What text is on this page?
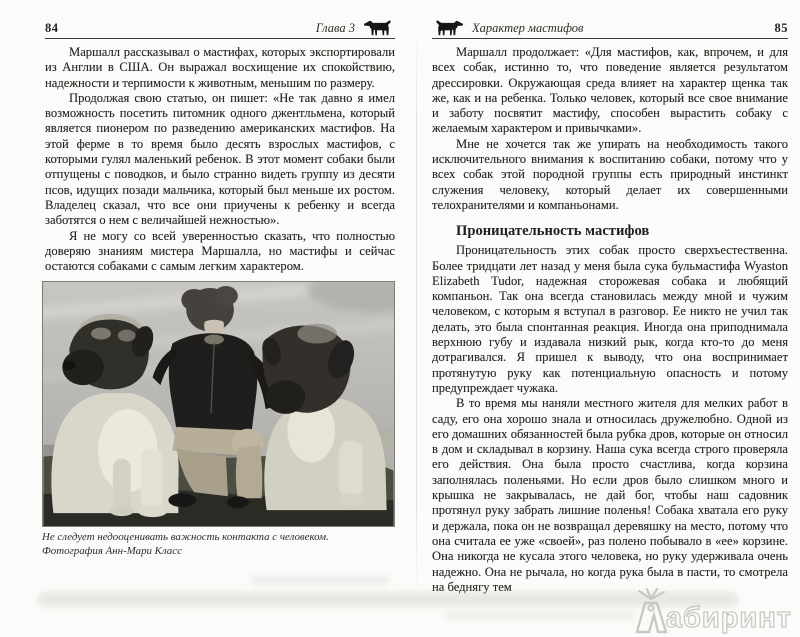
84	Глава 3

Маршалл рассказывал о мастифах, которых экспортировали из Англии в США. Он выражал восхищение их спокойствию, надежности и терпимости к животным, меньшим по размеру.

Продолжая свою статью, он пишет: «Не так давно я имел возможность посетить питомник одного джентльмена, который является пионером по разведению американских мастифов. На этой ферме в то время было десять взрослых мастифов, с которыми гулял маленький ребенок. В этот момент собаки были отпущены с поводков, и было странно видеть группу из десяти псов, идущих позади мальчика, который был меньше их ростом. Владелец сказал, что все они приучены к ребенку и всегда заботятся о нем с величайшей нежностью».

Я не могу со всей уверенностью сказать, что полностью доверяю знаниям мистера Маршалла, но мастифы и сейчас остаются собаками с самым легким характером.

Не следует недооценивать важность контакта с человеком.
Фотография Анн-Мари Класс
Характер мастифов	85

Маршалл продолжает: «Для мастифов, как, впрочем, и для всех собак, истинно то, что поведение является результатом дрессировки. Окружающая среда влияет на характер щенка так же, как и на ребенка. Только человек, который все свое внимание и заботу посвятит мастифу, способен вырастить собаку с желаемым характером и привычками».

Мне не хочется так же упирать на необходимость такого исключительного внимания к воспитанию собаки, потому что у всех собак этой породной группы есть природный инстинкт служения человеку, который делает их совершенными телохранителями и компаньонами.

Проницательность мастифов

Проницательность этих собак просто сверхъестественна. Более тридцати лет назад у меня была сука бульмастифа Wyaston Elizabeth Tudor, надежная сторожевая собака и любящий компаньон. Так она всегда становилась между мной и чужим человеком, с которым я вступал в разговор. Ее никто не учил так делать, это была спонтанная реакция. Иногда она приподнимала верхнюю губу и издавала низкий рык, когда кто-то до меня дотрагивался. Я пришел к выводу, что она воспринимает протянутую руку как потенциальную опасность и потому предупреждает чужака.

В то время мы наняли местного жителя для мелких работ в саду, его она хорошо знала и относилась дружелюбно. Одной из его домашних обязанностей была рубка дров, которые он относил в дом и складывал в корзину. Наша сука всегда строго проверяла его действия. Она была просто счастлива, когда корзина заполнялась поленьями. Но если дров было слишком много и крышка не закрывалась, не дай бог, чтобы наш садовник протянул руку забрать лишние поленья! Собака хватала его руку и держала, пока он не возвращал деревяшку на место, потому что она считала ее уже «своей», раз полено побывало в «ее» корзине. Она никогда не кусала этого человека, но руку удерживала очень надежно. Она не рычала, но когда рука была в пасти, то смотрела на беднягу тем

абиринт
